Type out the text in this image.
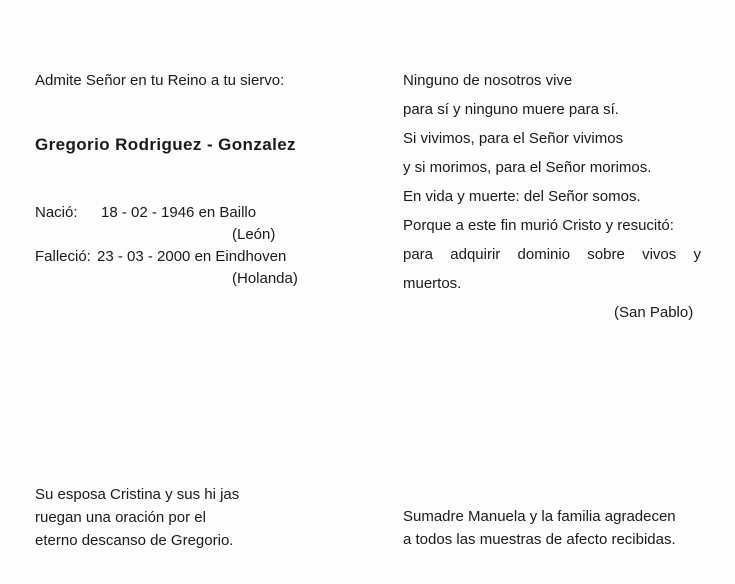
Admite Señor en tu Reino a tu siervo:
Gregorio Rodriguez - Gonzalez
Nació: 18 - 02 - 1946 en Baillo
(León)
Falleció: 23 - 03 - 2000 en Eindhoven
(Holanda)
Su esposa Cristina y sus hi jas
ruegan una oración por el
eterno descanso de Gregorio.
Ninguno de nosotros vive
para sí y ninguno muere para sí.
Si vivimos, para el Señor vivimos
y si morimos, para el Señor morimos.
En vida y muerte: del Señor somos.
Porque a este fin murió Cristo y resucitó:
para adquirir dominio sobre vivos y
muertos.
(San Pablo)
Sumadre Manuela y la familia agradecen
a todos las muestras de afecto recibidas.
